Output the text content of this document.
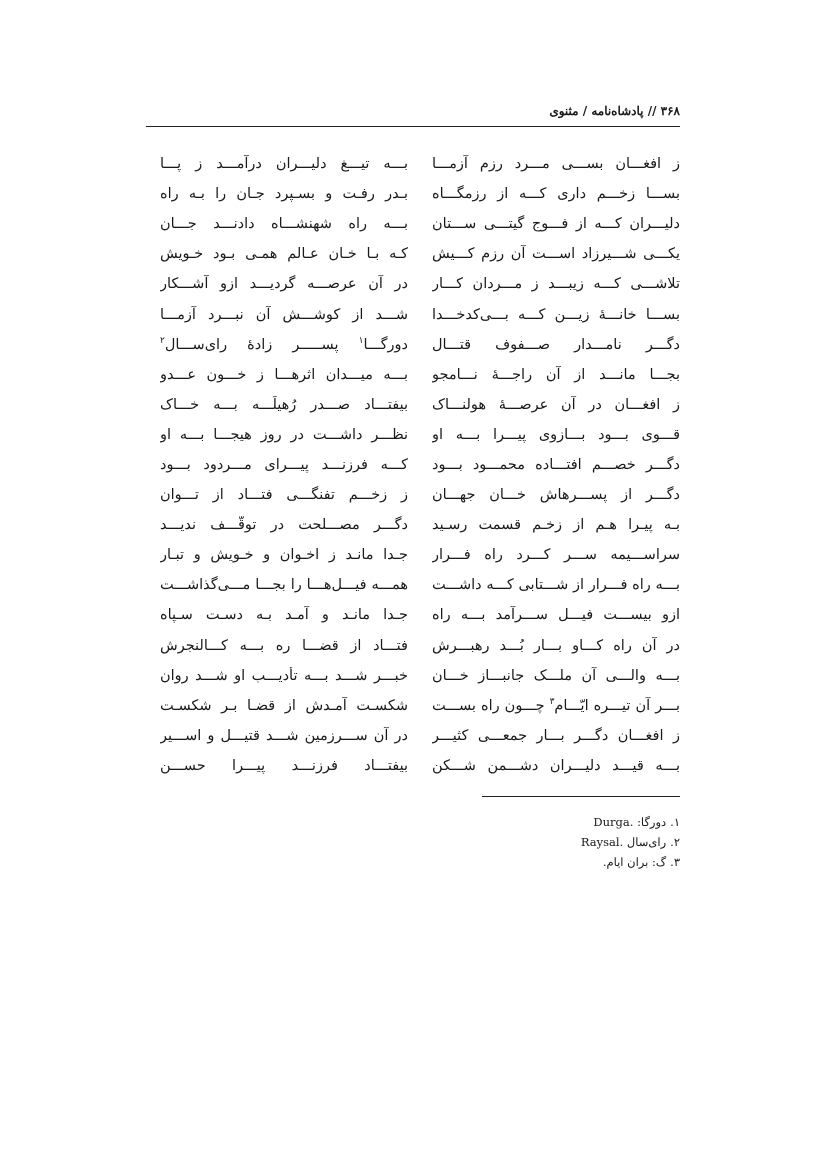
۳۶۸ // پادشاه‌نامه / مثنوی
ز افغـــان بســـی مـــرد رزم آزمـــا
بـــه تیـــغ دلیـــران درآمـــد ز پـــا
بســـا زخـــم داری کـــه از رزمگـــاه
بـدر رفـت و بسـپرد جـان را بـه راه
دلیـــران کـــه از فـــوج گیتـــی ســـتان
بـــه راه شهنشـــاه دادنـــد جـــان
یکـــی شـــیرزاد اســـت آن رزم کـــیش
کـه بـا خـان عـالم همـی بـود خـویش
تلاشـــی کـــه زیبـــد ز مـــردان کـــار
در آن عرصـــه گردیـــد ازو آشـــکار
بســـا خانـــهٔ زیـــن کـــه بـــی‌کدخـــدا
شـــد از کوشـــش آن نبـــرد آزمـــا
دگـــر نامـــدار صـــفوف قتـــال
دورگـــا$^۱$ پســـــر زادهٔ رای‌ســـال$^۲$
بجـــا مانـــد از آن راجـــهٔ نـــامجو
بـــه میـــدان اثرهـــا ز خـــون عـــدو
ز افغـــان در آن عرصـــهٔ هولنـــاک
بیفتـــاد صـــدر رُهیلَـــه بـــه خـــاک
قـــوی بـــود بـــازوی پیـــرا بـــه او
نظـــر داشـــت در روز هیجـــا بـــه او
دگـــر خصـــم افتـــاده محمـــود بـــود
کـــه فرزنـــد پیـــرای مـــردود بـــود
دگـــر از پســـرهاش خـــان جهـــان
ز زخـــم تفنگـــی فتـــاد از تـــوان
بـه پیـرا هـم از زخـم قسمت رسـید
دگـــر مصـــلحت در توقّـــف ندیـــد
سراســـیمه ســـر کـــرد راه فـــرار
جـدا مانـد ز اخـوان و خـویش و تبـار
بـــه راه فـــرار از شـــتابی کـــه داشـــت
همـــه فیـــل‌هـــا را بجـــا مـــی‌گذاشـــت
ازو بیســـت فیـــل ســـرآمد بـــه راه
جـدا مانـد و آمـد بـه دسـت سـپاه
در آن راه کـــاو بـــار بُـــد رهبـــرش
فتـــاد از قضـــا ره بـــه کـــالنجرش
بـــه والـــی آن ملـــک جانبـــاز خـــان
خبـــر شـــد بـــه تأدیـــب او شـــد روان
بـــر آن تیـــره ایّـــام$^۳$ چـــون راه بســـت
شکسـت آمـدش از قضـا بـر شکسـت
ز افغـــان دگـــر بـــار جمعـــی کثیـــر
در آن ســـرزمین شـــد قتیـــل و اســـیر
بـــه قیـــد دلیـــران دشـــمن شـــکن
بیفتـــاد فرزنـــد پیـــرا حســـن
۱.دورگا: Durga.
۲.رای‌سال Raysal.
۳.گ: بران ایام.
